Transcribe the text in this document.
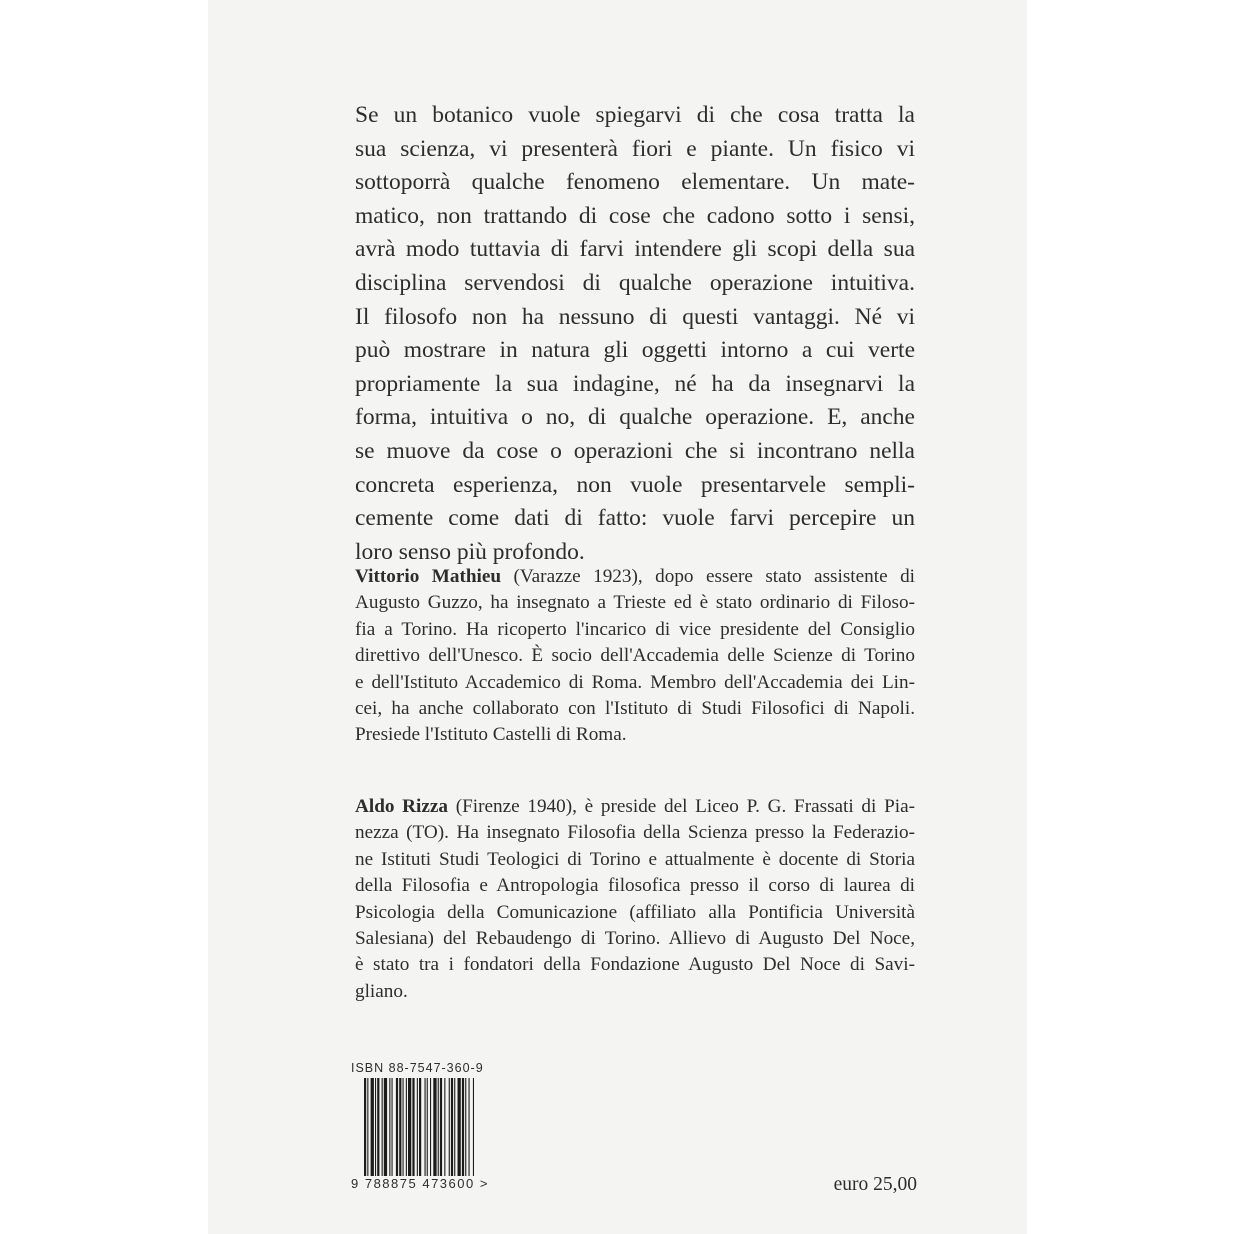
Se un botanico vuole spiegarvi di che cosa tratta la
sua scienza, vi presenterà fiori e piante. Un fisico vi
sottoporrà qualche fenomeno elementare. Un mate-
matico, non trattando di cose che cadono sotto i sensi,
avrà modo tuttavia di farvi intendere gli scopi della sua
disciplina servendosi di qualche operazione intuitiva.
Il filosofo non ha nessuno di questi vantaggi. Né vi
può mostrare in natura gli oggetti intorno a cui verte
propriamente la sua indagine, né ha da insegnarvi la
forma, intuitiva o no, di qualche operazione. E, anche
se muove da cose o operazioni che si incontrano nella
concreta esperienza, non vuole presentarvele sempli-
cemente come dati di fatto: vuole farvi percepire un
loro senso più profondo.
Vittorio Mathieu (Varazze 1923), dopo essere stato assistente di
Augusto Guzzo, ha insegnato a Trieste ed è stato ordinario di Filoso-
fia a Torino. Ha ricoperto l'incarico di vice presidente del Consiglio
direttivo dell'Unesco. È socio dell'Accademia delle Scienze di Torino
e dell'Istituto Accademico di Roma. Membro dell'Accademia dei Lin-
cei, ha anche collaborato con l'Istituto di Studi Filosofici di Napoli.
Presiede l'Istituto Castelli di Roma.
Aldo Rizza (Firenze 1940), è preside del Liceo P. G. Frassati di Pia-
nezza (TO). Ha insegnato Filosofia della Scienza presso la Federazio-
ne Istituti Studi Teologici di Torino e attualmente è docente di Storia
della Filosofia e Antropologia filosofica presso il corso di laurea di
Psicologia della Comunicazione (affiliato alla Pontificia Università
Salesiana) del Rebaudengo di Torino. Allievo di Augusto Del Noce,
è stato tra i fondatori della Fondazione Augusto Del Noce di Savi-
gliano.
ISBN 88-7547-360-9
9 788875 473600 >	euro 25,00
